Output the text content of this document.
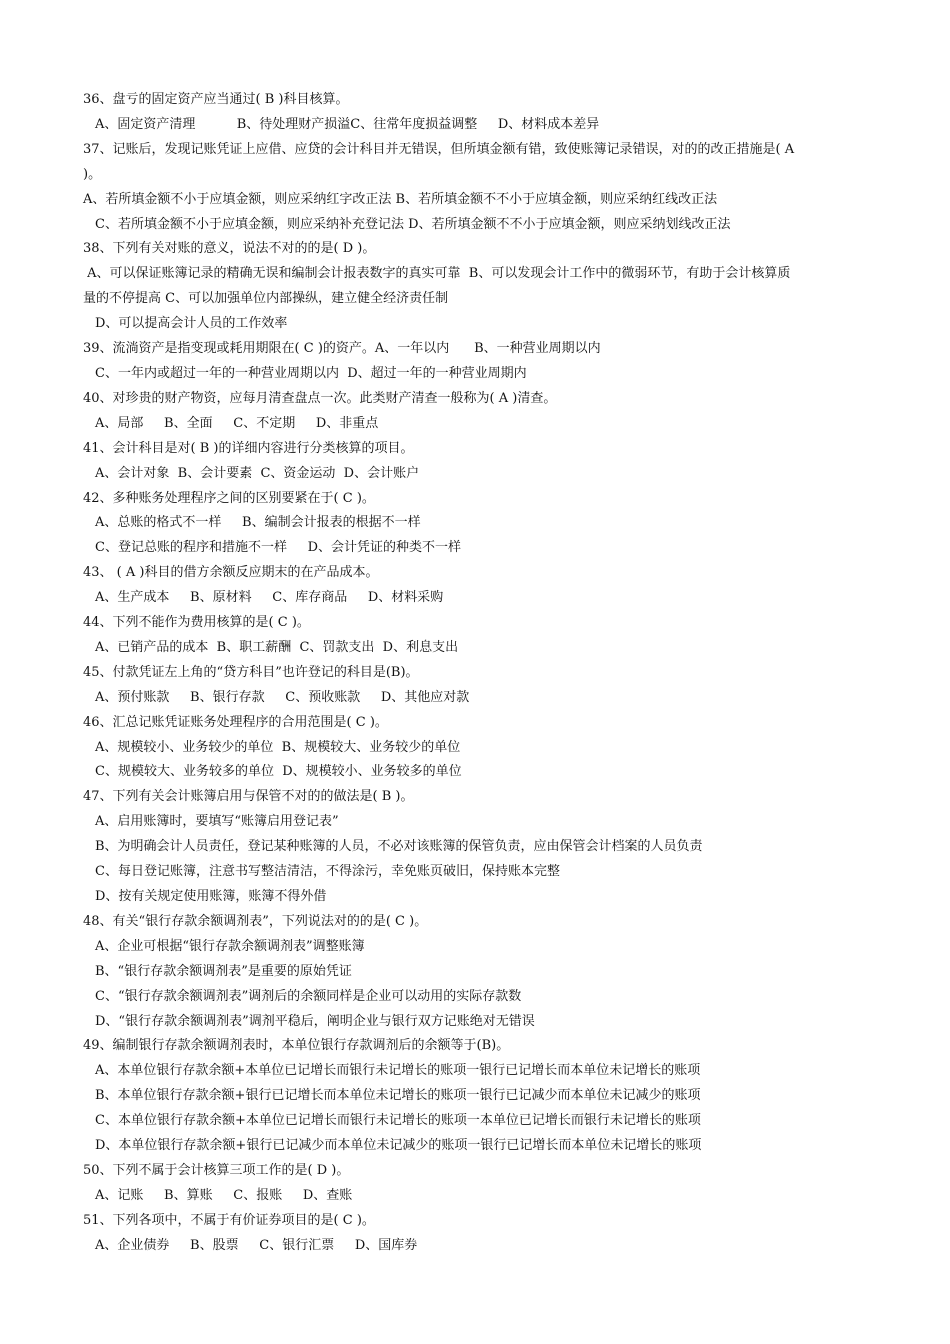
36、盘亏的固定资产应当通过( B )科目核算。

A、固定资产清理          B、待处理财产损溢C、往常年度损益调整     D、材料成本差异

37、记账后，发现记账凭证上应借、应贷的会计科目并无错误，但所填金额有错，致使账簿记录错误，对的的改正措施是( A

)。

A、若所填金额不小于应填金额，则应采纳红字改正法 B、若所填金额不不小于应填金额，则应采纳红线改正法

C、若所填金额不小于应填金额，则应采纳补充登记法 D、若所填金额不不小于应填金额，则应采纳划线改正法

38、下列有关对账的意义，说法不对的的是( D )。

A、可以保证账簿记录的精确无误和编制会计报表数字的真实可靠  B、可以发现会计工作中的微弱环节，有助于会计核算质

量的不停提高 C、可以加强单位内部操纵，建立健全经济责任制

D、可以提高会计人员的工作效率

39、流淌资产是指变现或耗用期限在( C )的资产。A、一年以内      B、一种营业周期以内

C、一年内或超过一年的一种营业周期以内  D、超过一年的一种营业周期内

40、对珍贵的财产物资，应每月清查盘点一次。此类财产清查一般称为( A )清查。

A、局部     B、全面     C、不定期     D、非重点

41、会计科目是对( B )的详细内容进行分类核算的项目。

A、会计对象  B、会计要素  C、资金运动  D、会计账户

42、多种账务处理程序之间的区别要紧在于( C )。

A、总账的格式不一样     B、编制会计报表的根据不一样

C、登记总账的程序和措施不一样     D、会计凭证的种类不一样

43、 ( A )科目的借方余额反应期末的在产品成本。

A、生产成本     B、原材料     C、库存商品     D、材料采购

44、下列不能作为费用核算的是( C )。

A、已销产品的成本  B、职工薪酬  C、罚款支出  D、利息支出

45、付款凭证左上角的“贷方科目”也许登记的科目是(B)。

A、预付账款     B、银行存款     C、预收账款     D、其他应对款

46、汇总记账凭证账务处理程序的合用范围是( C )。

A、规模较小、业务较少的单位  B、规模较大、业务较少的单位

C、规模较大、业务较多的单位  D、规模较小、业务较多的单位

47、下列有关会计账簿启用与保管不对的的做法是( B )。

A、启用账簿时，要填写“账簿启用登记表”

B、为明确会计人员责任，登记某种账簿的人员，不必对该账簿的保管负责，应由保管会计档案的人员负责

C、每日登记账簿，注意书写整洁清洁，不得涂污，幸免账页破旧，保持账本完整

D、按有关规定使用账簿，账簿不得外借

48、有关“银行存款余额调剂表”，下列说法对的的是( C )。

A、企业可根据“银行存款余额调剂表”调整账簿

B、“银行存款余额调剂表”是重要的原始凭证

C、“银行存款余额调剂表”调剂后的余额同样是企业可以动用的实际存款数

D、“银行存款余额调剂表”调剂平稳后，阐明企业与银行双方记账绝对无错误

49、编制银行存款余额调剂表时，本单位银行存款调剂后的余额等于(B)。

A、本单位银行存款余额+本单位已记增长而银行未记增长的账项一银行已记增长而本单位未记增长的账项

B、本单位银行存款余额+银行已记增长而本单位未记增长的账项一银行已记减少而本单位未记减少的账项

C、本单位银行存款余额+本单位已记增长而银行未记增长的账项一本单位已记增长而银行未记增长的账项

D、本单位银行存款余额+银行已记减少而本单位未记减少的账项一银行已记增长而本单位未记增长的账项

50、下列不属于会计核算三项工作的是( D )。

A、记账     B、算账     C、报账     D、查账

51、下列各项中，不属于有价证券项目的是( C )。

A、企业债券     B、股票     C、银行汇票     D、国库券
